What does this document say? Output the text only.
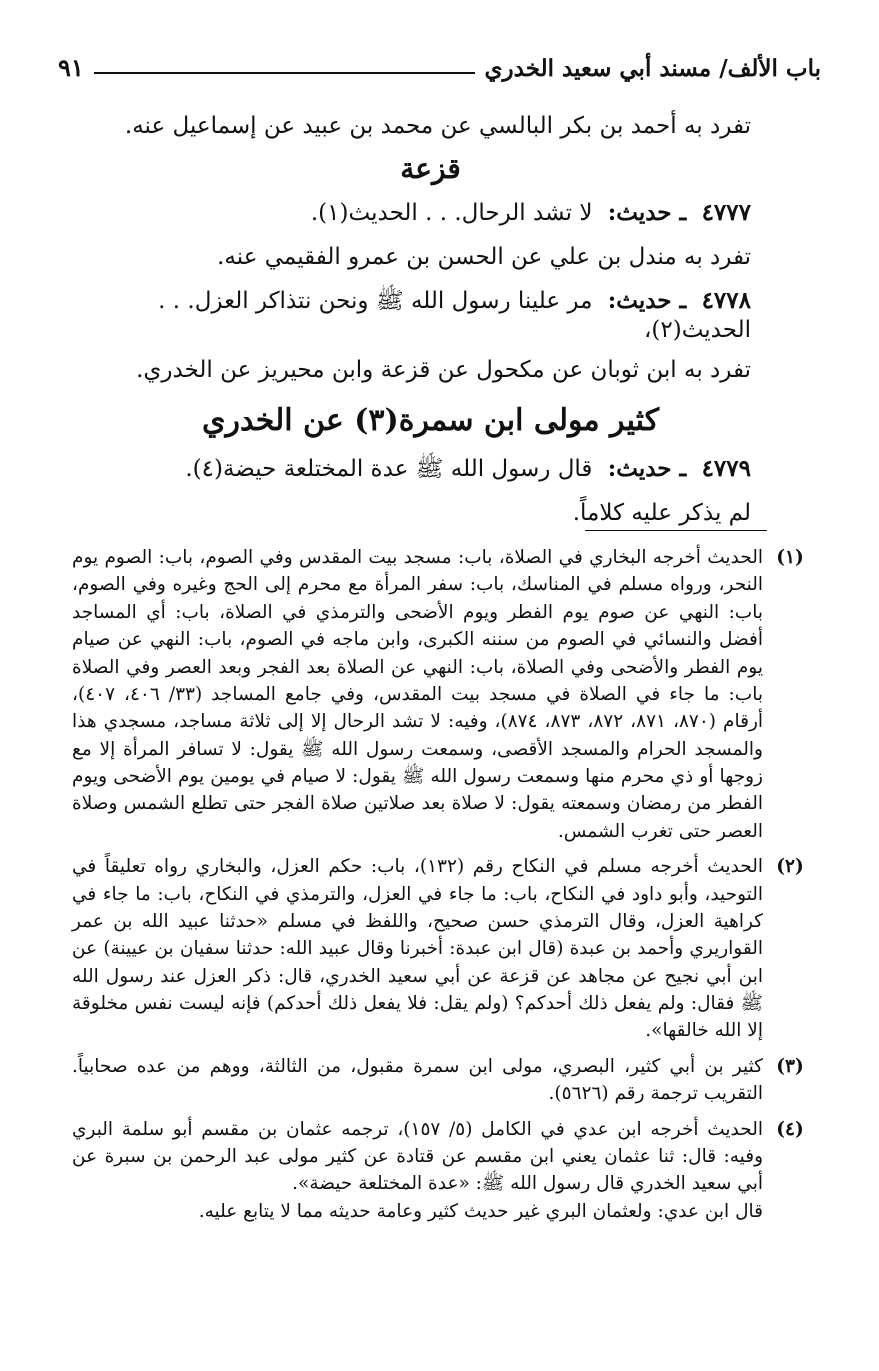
باب الألف/ مسند أبي سعيد الخدري
٩١

تفرد به أحمد بن بكر البالسي عن محمد بن عبيد عن إسماعيل عنه.

قزعة

٤٧٧٧ ـ حديث: لا تشد الرحال. . . الحديث(١).

تفرد به مندل بن علي عن الحسن بن عمرو الفقيمي عنه.

٤٧٧٨ ـ حديث: مر علينا رسول الله ﷺ ونحن نتذاكر العزل. . . الحديث(٢)،

تفرد به ابن ثوبان عن مكحول عن قزعة وابن محيريز عن الخدري.

كثير مولى ابن سمرة(٣) عن الخدري

٤٧٧٩ ـ حديث: قال رسول الله ﷺ عدة المختلعة حيضة(٤).

لم يذكر عليه كلاماً.

(١)

الحديث أخرجه البخاري في الصلاة، باب: مسجد بيت المقدس وفي الصوم، باب: الصوم يوم النحر، ورواه مسلم في المناسك، باب: سفر المرأة مع محرم إلى الحج وغيره وفي الصوم، باب: النهي عن صوم يوم الفطر ويوم الأضحى والترمذي في الصلاة، باب: أي المساجد أفضل والنسائي في الصوم من سننه الكبرى، وابن ماجه في الصوم، باب: النهي عن صيام يوم الفطر والأضحى وفي الصلاة، باب: النهي عن الصلاة بعد الفجر وبعد العصر وفي الصلاة باب: ما جاء في الصلاة في مسجد بيت المقدس، وفي جامع المساجد (٣٣/ ٤٠٦، ٤٠٧)، أرقام (٨٧٠، ٨٧١، ٨٧٢، ٨٧٣، ٨٧٤)، وفيه: لا تشد الرحال إلا إلى ثلاثة مساجد، مسجدي هذا والمسجد الحرام والمسجد الأقصى، وسمعت رسول الله ﷺ يقول: لا تسافر المرأة إلا مع زوجها أو ذي محرم منها وسمعت رسول الله ﷺ يقول: لا صيام في يومين يوم الأضحى ويوم الفطر من رمضان وسمعته يقول: لا صلاة بعد صلاتين صلاة الفجر حتى تطلع الشمس وصلاة العصر حتى تغرب الشمس.

(٢)

الحديث أخرجه مسلم في النكاح رقم (١٣٢)، باب: حكم العزل، والبخاري رواه تعليقاً في التوحيد، وأبو داود في النكاح، باب: ما جاء في العزل، والترمذي في النكاح، باب: ما جاء في كراهية العزل، وقال الترمذي حسن صحيح، واللفظ في مسلم «حدثنا عبيد الله بن عمر القواريري وأحمد بن عبدة (قال ابن عبدة: أخبرنا وقال عبيد الله: حدثنا سفيان بن عيينة) عن ابن أبي نجيح عن مجاهد عن قزعة عن أبي سعيد الخدري، قال: ذكر العزل عند رسول الله ﷺ فقال: ولم يفعل ذلك أحدكم؟ (ولم يقل: فلا يفعل ذلك أحدكم) فإنه ليست نفس مخلوقة إلا الله خالقها».

(٣)

كثير بن أبي كثير، البصري، مولى ابن سمرة مقبول، من الثالثة، ووهم من عده صحابياً. التقريب ترجمة رقم (٥٦٢٦).

(٤)

الحديث أخرجه ابن عدي في الكامل (٥/ ١٥٧)، ترجمه عثمان بن مقسم أبو سلمة البري وفيه: قال: ثنا عثمان يعني ابن مقسم عن قتادة عن كثير مولى عبد الرحمن بن سبرة عن أبي سعيد الخدري قال رسول الله ﷺ: «عدة المختلعة حيضة».

قال ابن عدي: ولعثمان البري غير حديث كثير وعامة حديثه مما لا يتابع عليه.
